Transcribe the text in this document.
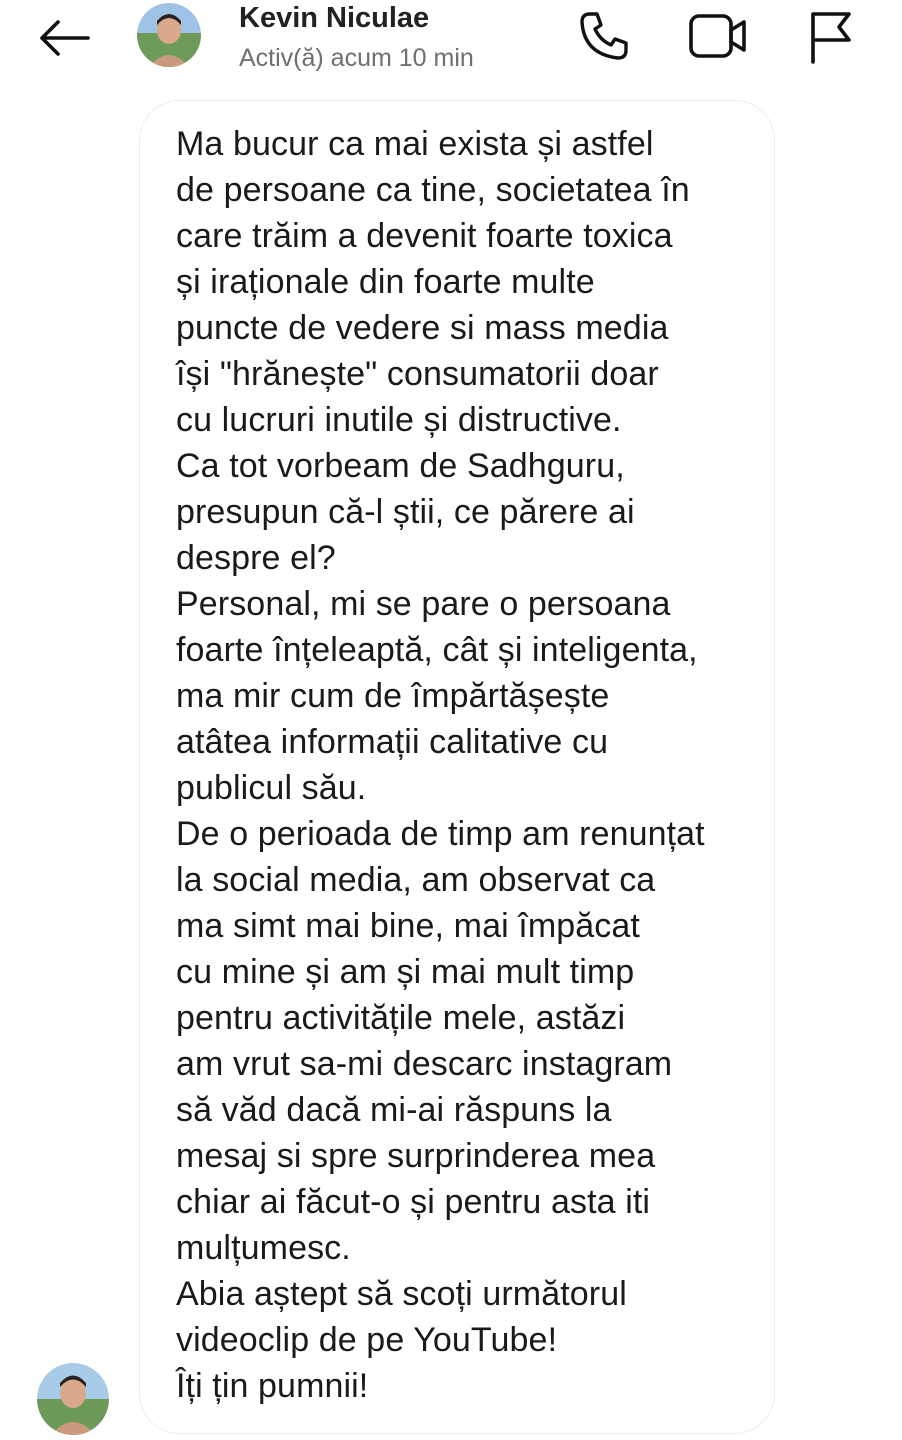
Kevin Niculae
Activ(ă) acum 10 min
Ma bucur ca mai exista și astfel
de persoane ca tine, societatea în
care trăim a devenit foarte toxica
și iraționale din foarte multe
puncte de vedere si mass media
își "hrănește" consumatorii doar
cu lucruri inutile și distructive.
Ca tot vorbeam de Sadhguru,
presupun că-l știi, ce părere ai
despre el?
Personal, mi se pare o persoana
foarte înțeleaptă, cât și inteligenta,
ma mir cum de împărtășește
atâtea informații calitative cu
publicul său.
De o perioada de timp am renunțat
la social media, am observat ca
ma simt mai bine, mai împăcat
cu mine și am și mai mult timp
pentru activitățile mele, astăzi
am vrut sa-mi descarc instagram
să văd dacă mi-ai răspuns la
mesaj si spre surprinderea mea
chiar ai făcut-o și pentru asta iti
mulțumesc.
Abia aștept să scoți următorul
videoclip de pe YouTube!
Îți țin pumnii!
